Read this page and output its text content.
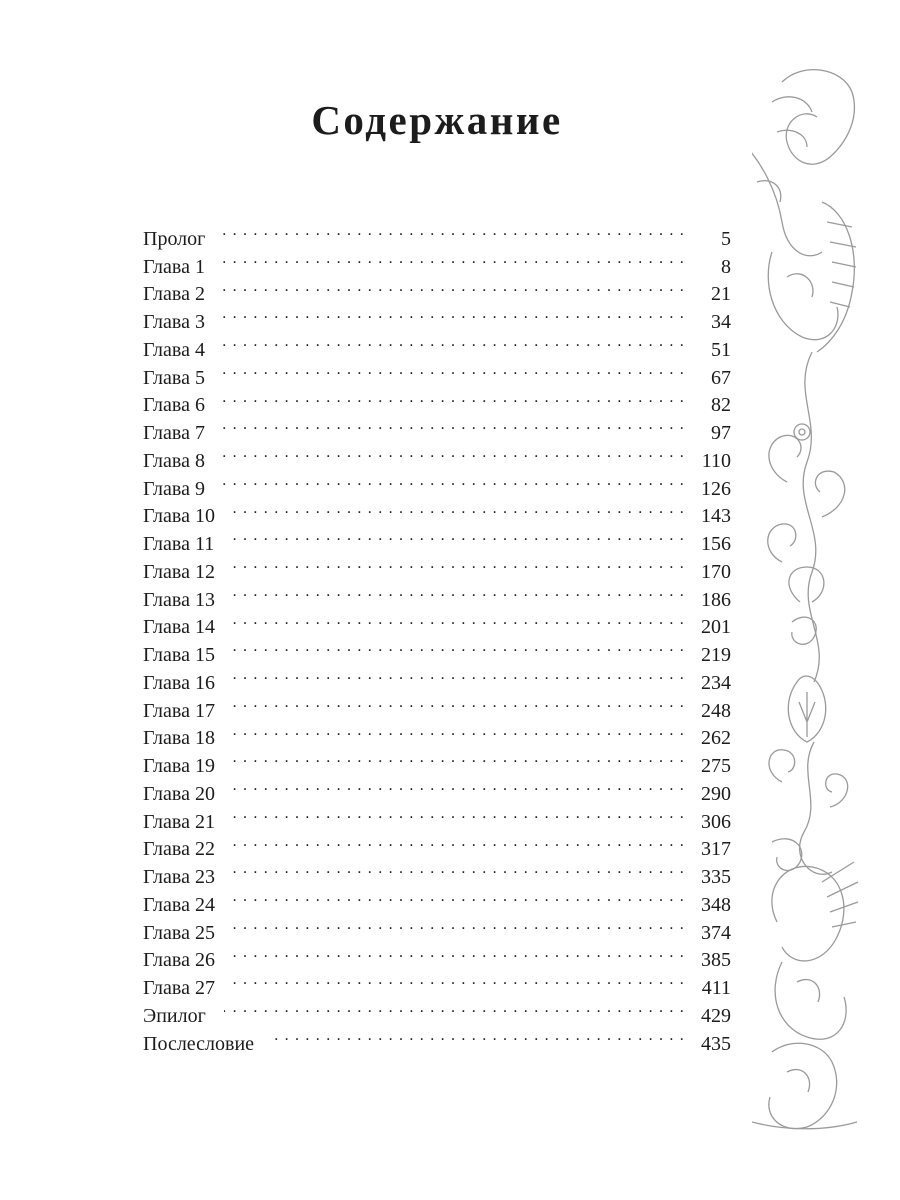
Содержание
Пролог . . .	5
Глава 1 . . .	8
Глава 2 . . .	21
Глава 3 . . .	34
Глава 4 . . .	51
Глава 5 . . .	67
Глава 6 . . .	82
Глава 7 . . .	97
Глава 8 . . .	110
Глава 9 . . .	126
Глава 10 . . .	143
Глава 11 . . .	156
Глава 12 . . .	170
Глава 13 . . .	186
Глава 14 . . .	201
Глава 15 . . .	219
Глава 16 . . .	234
Глава 17 . . .	248
Глава 18 . . .	262
Глава 19 . . .	275
Глава 20 . . .	290
Глава 21 . . .	306
Глава 22 . . .	317
Глава 23 . . .	335
Глава 24 . . .	348
Глава 25 . . .	374
Глава 26 . . .	385
Глава 27 . . .	411
Эпилог . . .	429
Послесловие . . .	435
